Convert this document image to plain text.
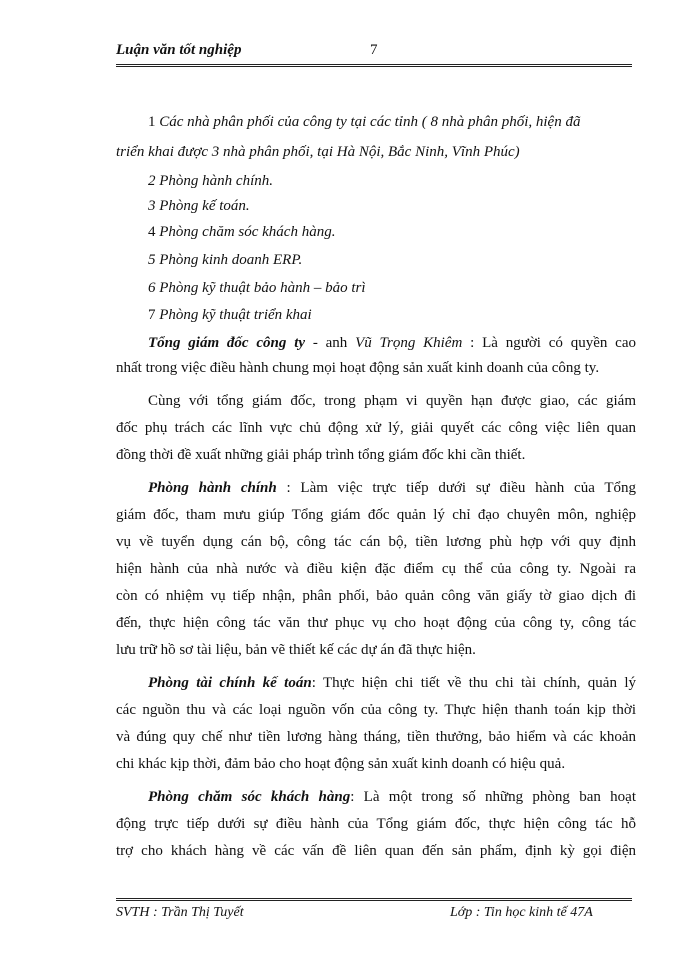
Luận văn tốt nghiệp	7
1 Các nhà phân phối của công ty tại các tỉnh ( 8 nhà phân phối, hiện đã
triển khai được 3 nhà phân phối, tại Hà Nội, Bắc Ninh, Vĩnh Phúc)
2 Phòng hành chính.
3 Phòng kế toán.
4 Phòng chăm sóc khách hàng.
5 Phòng kinh doanh ERP.
6 Phòng kỹ thuật bảo hành – bảo trì
7 Phòng kỹ thuật triển khai
Tổng giám đốc công ty - anh Vũ Trọng Khiêm : Là người có quyền cao
nhất trong việc điều hành chung mọi hoạt động sản xuất kinh doanh của công ty.
Cùng với tổng giám đốc, trong phạm vi quyền hạn được giao, các giám
đốc phụ trách các lĩnh vực chủ động xử lý, giải quyết các công việc liên quan
đồng thời đề xuất những giải pháp trình tổng giám đốc khi cần thiết.
Phòng hành chính : Làm việc trực tiếp dưới sự điều hành của Tổng
giám đốc, tham mưu giúp Tổng giám đốc quản lý chỉ đạo chuyên môn, nghiệp
vụ về tuyển dụng cán bộ, công tác cán bộ, tiền lương phù hợp với quy định
hiện hành của nhà nước và điều kiện đặc điểm cụ thể của công ty. Ngoài ra
còn có nhiệm vụ tiếp nhận, phân phối, bảo quản công văn giấy tờ giao dịch đi
đến, thực hiện công tác văn thư phục vụ cho hoạt động của công ty, công tác
lưu trữ hồ sơ tài liệu, bản vẽ thiết kế các dự án đã thực hiện.
Phòng tài chính kế toán: Thực hiện chi tiết về thu chi tài chính, quản lý
các nguồn thu và các loại nguồn vốn của công ty. Thực hiện thanh toán kịp thời
và đúng quy chế như tiền lương hàng tháng, tiền thưởng, bảo hiểm và các khoản
chi khác kịp thời, đảm bảo cho hoạt động sản xuất kinh doanh có hiệu quả.
Phòng chăm sóc khách hàng: Là một trong số những phòng ban hoạt
động trực tiếp dưới sự điều hành của Tổng giám đốc, thực hiện công tác hỗ
trợ cho khách hàng về các vấn đề liên quan đến sản phẩm, định kỳ gọi điện
SVTH : Trần Thị Tuyết	Lớp : Tin học kinh tế 47A
